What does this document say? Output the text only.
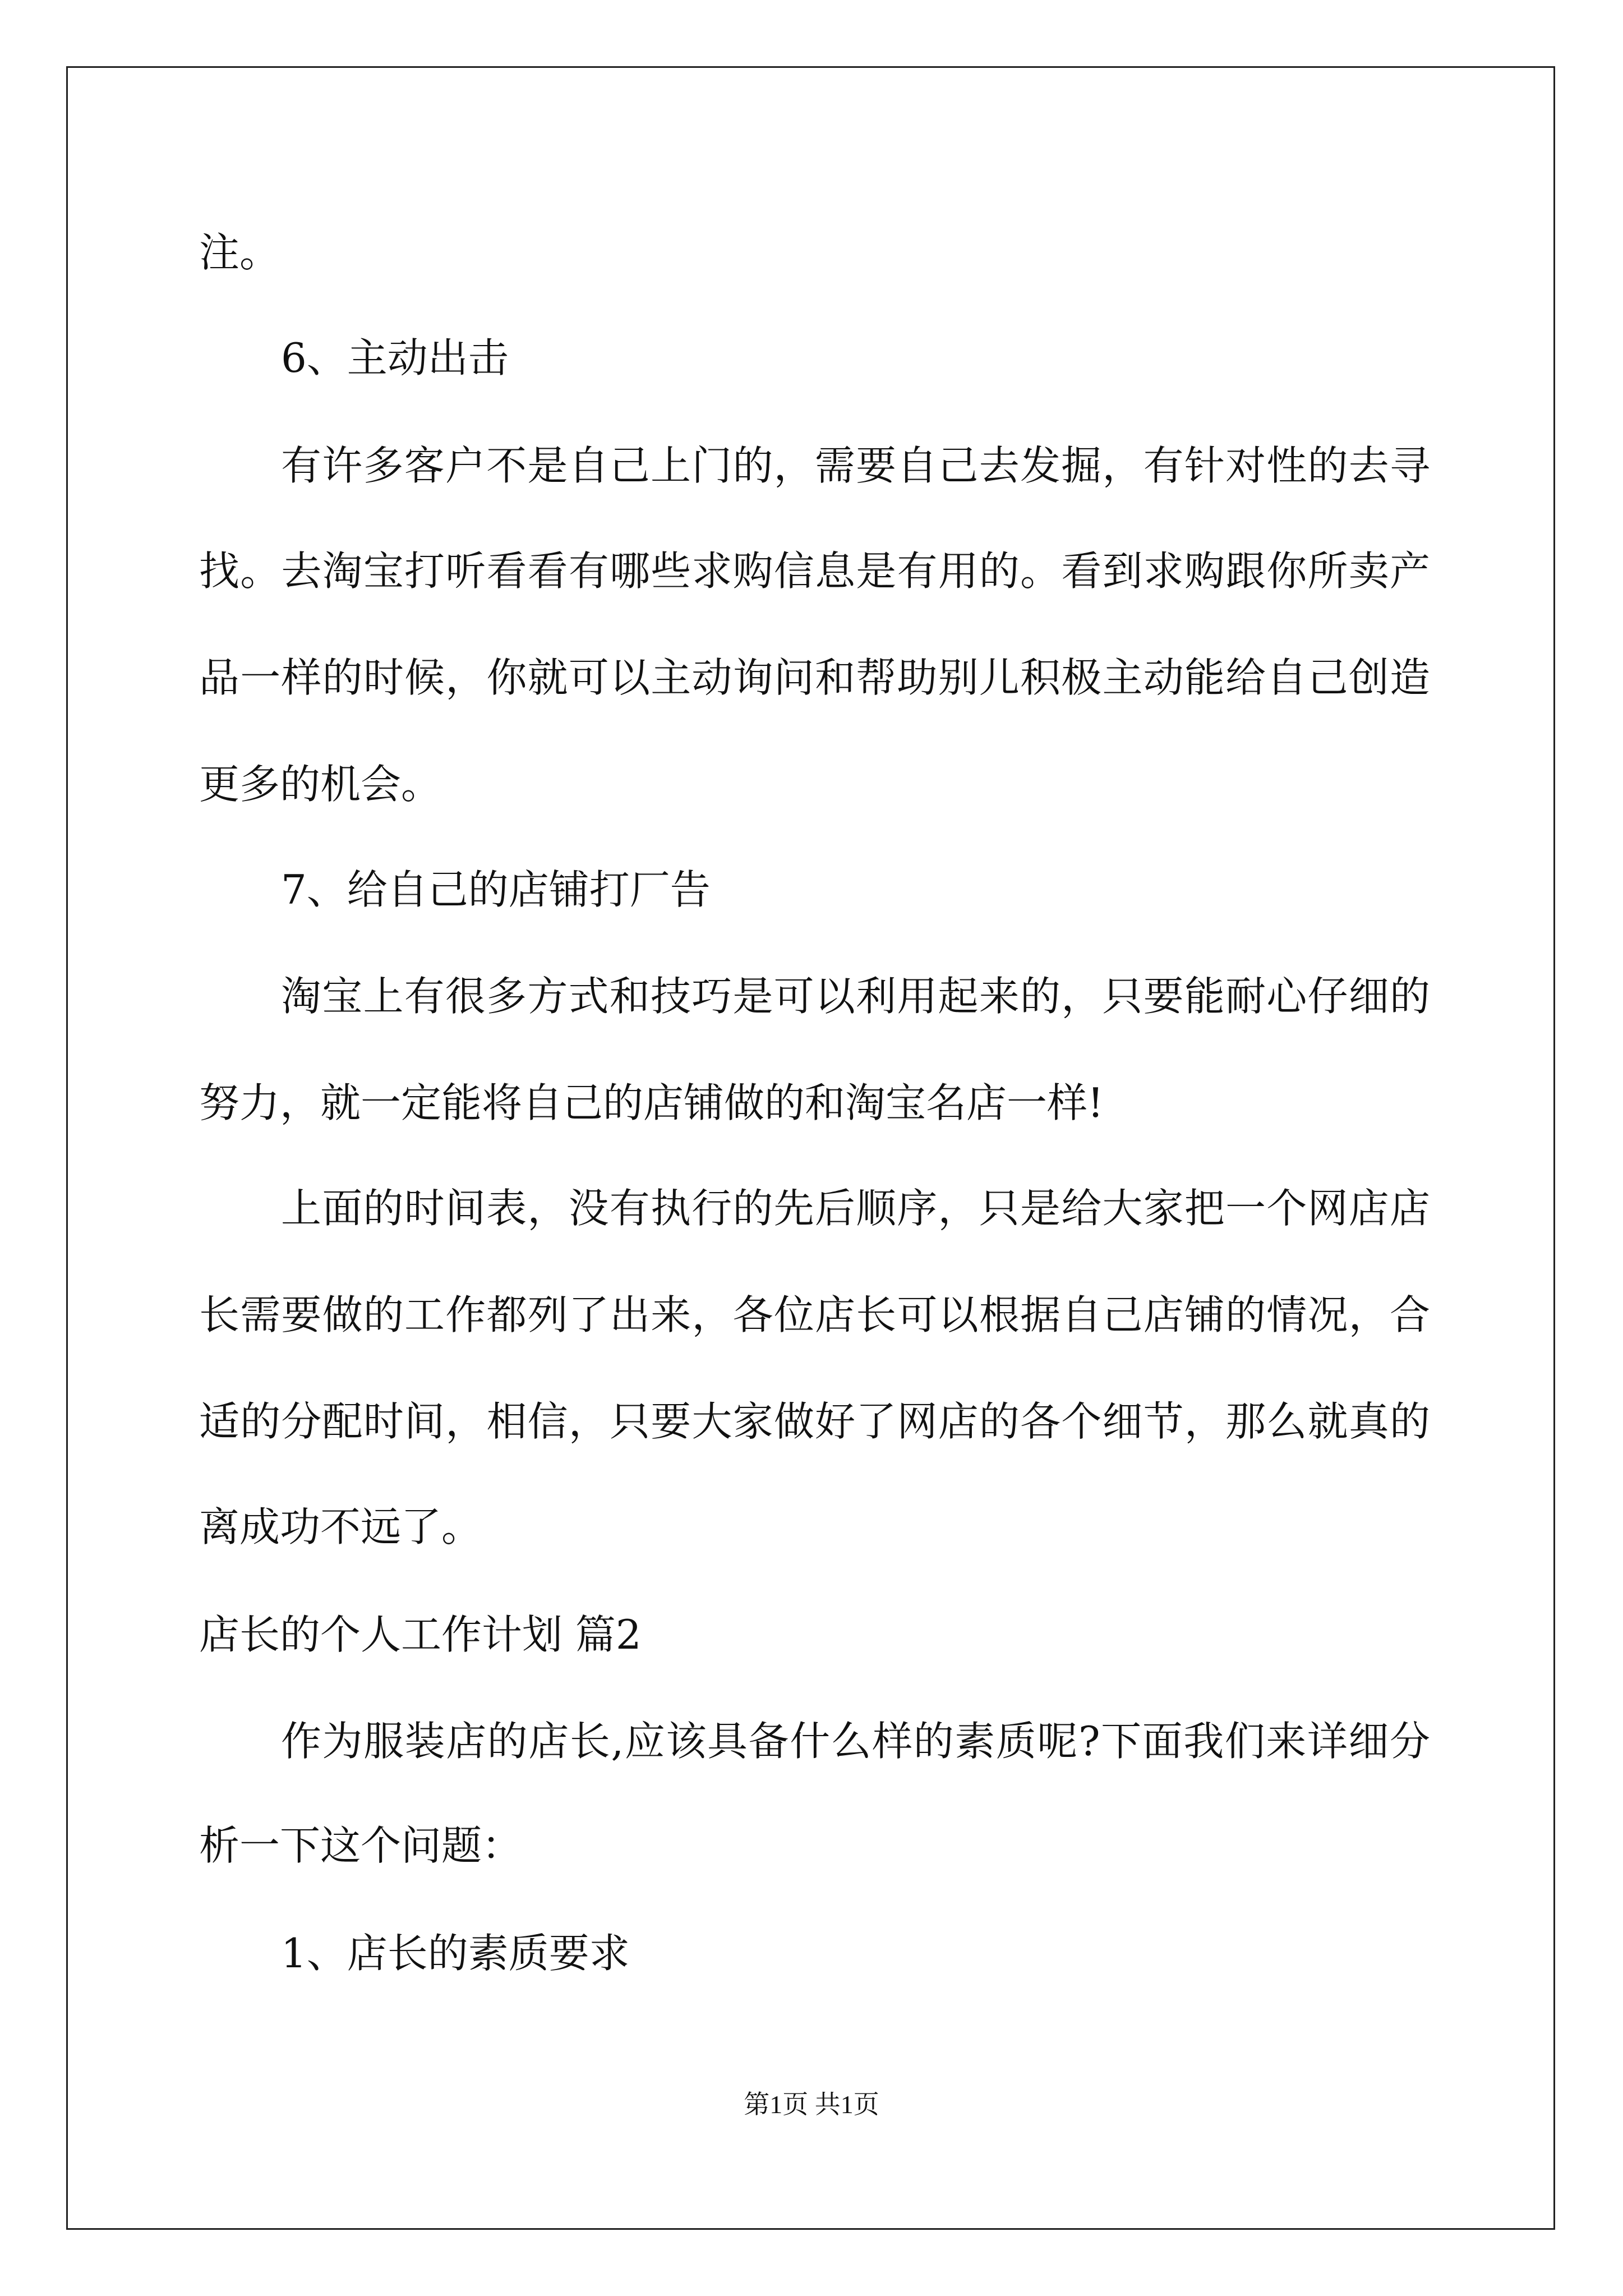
注。
6、主动出击
有许多客户不是自己上门的，需要自己去发掘，有针对性的去寻
找。去淘宝打听看看有哪些求购信息是有用的。看到求购跟你所卖产
品一样的时候，你就可以主动询问和帮助别儿积极主动能给自己创造
更多的机会。
7、给自己的店铺打厂告
淘宝上有很多方式和技巧是可以利用起来的，只要能耐心仔细的
努力，就一定能将自己的店铺做的和淘宝名店一样!
上面的时间表，没有执行的先后顺序，只是给大家把一个网店店
长需要做的工作都列了出来，各位店长可以根据自己店铺的情况，合
适的分配时间，相信，只要大家做好了网店的各个细节，那么就真的
离成功不远了。
店长的个人工作计划 篇2
作为服装店的店长,应该具备什么样的素质呢?下面我们来详细分
析一下这个问题：
1、店长的素质要求
第1页 共1页
